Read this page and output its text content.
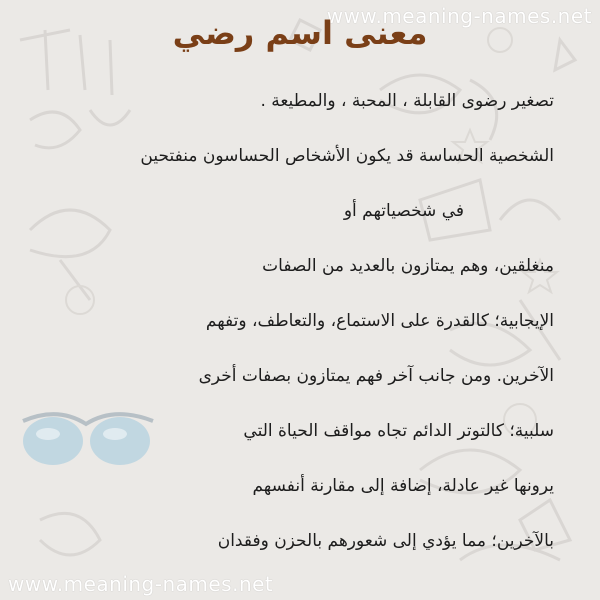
www.meaning-names.net
www.meaning-names.net
معنى اسم رضي
تصغير رضوى القابلة ، المحبة ، والمطيعة .
الشخصية الحساسة قد يكون الأشخاص الحساسون منفتحين
في شخصياتهم أو
منغلقين، وهم يمتازون بالعديد من الصفات
الإيجابية؛ كالقدرة على الاستماع، والتعاطف، وتفهم
الآخرين. ومن جانب آخر فهم يمتازون بصفات أخرى
سلبية؛ كالتوتر الدائم تجاه مواقف الحياة التي
يرونها غير عادلة، إضافة إلى مقارنة أنفسهم
بالآخرين؛ مما يؤدي إلى شعورهم بالحزن وفقدان
